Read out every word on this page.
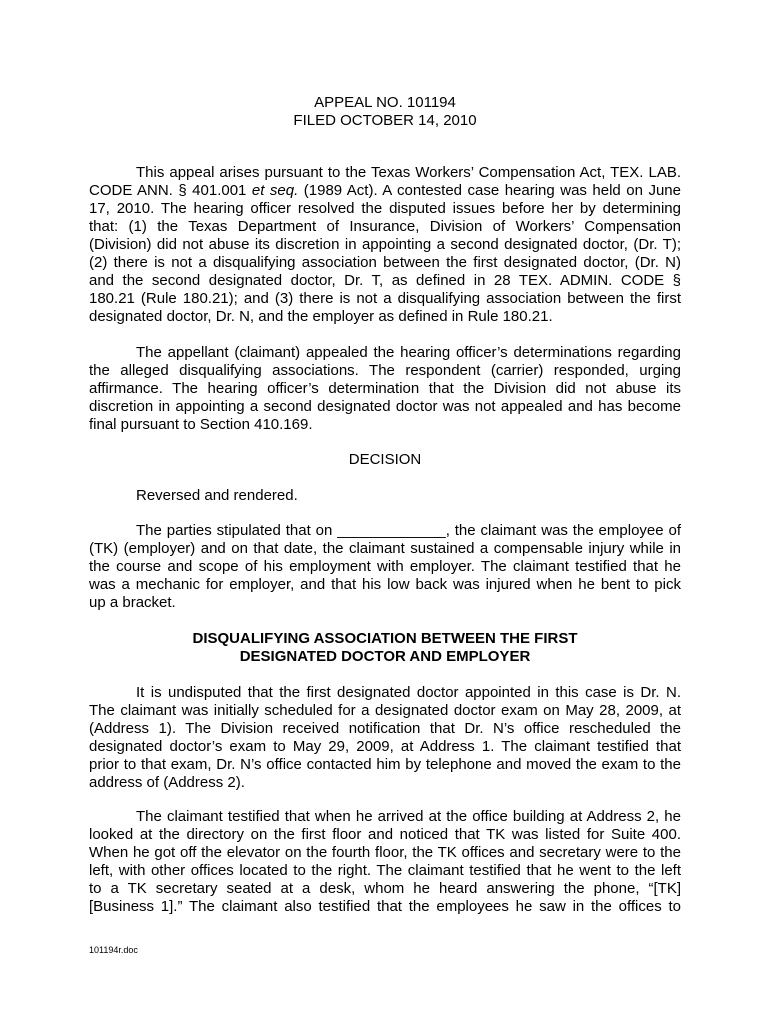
APPEAL NO. 101194
FILED OCTOBER 14, 2010
This appeal arises pursuant to the Texas Workers’ Compensation Act, TEX. LAB.
CODE ANN. § 401.001 et seq. (1989 Act). A contested case hearing was held on June
17, 2010. The hearing officer resolved the disputed issues before her by determining
that: (1) the Texas Department of Insurance, Division of Workers’ Compensation
(Division) did not abuse its discretion in appointing a second designated doctor, (Dr. T);
(2) there is not a disqualifying association between the first designated doctor, (Dr. N)
and the second designated doctor, Dr. T, as defined in 28 TEX. ADMIN. CODE §
180.21 (Rule 180.21); and (3) there is not a disqualifying association between the first
designated doctor, Dr. N, and the employer as defined in Rule 180.21.
The appellant (claimant) appealed the hearing officer’s determinations regarding
the alleged disqualifying associations. The respondent (carrier) responded, urging
affirmance. The hearing officer’s determination that the Division did not abuse its
discretion in appointing a second designated doctor was not appealed and has become
final pursuant to Section 410.169.
DECISION
Reversed and rendered.
The parties stipulated that on _____________, the claimant was the employee of
(TK) (employer) and on that date, the claimant sustained a compensable injury while in
the course and scope of his employment with employer. The claimant testified that he
was a mechanic for employer, and that his low back was injured when he bent to pick
up a bracket.
DISQUALIFYING ASSOCIATION BETWEEN THE FIRST
DESIGNATED DOCTOR AND EMPLOYER
It is undisputed that the first designated doctor appointed in this case is Dr. N.
The claimant was initially scheduled for a designated doctor exam on May 28, 2009, at
(Address 1). The Division received notification that Dr. N’s office rescheduled the
designated doctor’s exam to May 29, 2009, at Address 1. The claimant testified that
prior to that exam, Dr. N’s office contacted him by telephone and moved the exam to the
address of (Address 2).
The claimant testified that when he arrived at the office building at Address 2, he
looked at the directory on the first floor and noticed that TK was listed for Suite 400.
When he got off the elevator on the fourth floor, the TK offices and secretary were to the
left, with other offices located to the right. The claimant testified that he went to the left
to a TK secretary seated at a desk, whom he heard answering the phone, “[TK]
[Business 1].” The claimant also testified that the employees he saw in the offices to
101194r.doc
